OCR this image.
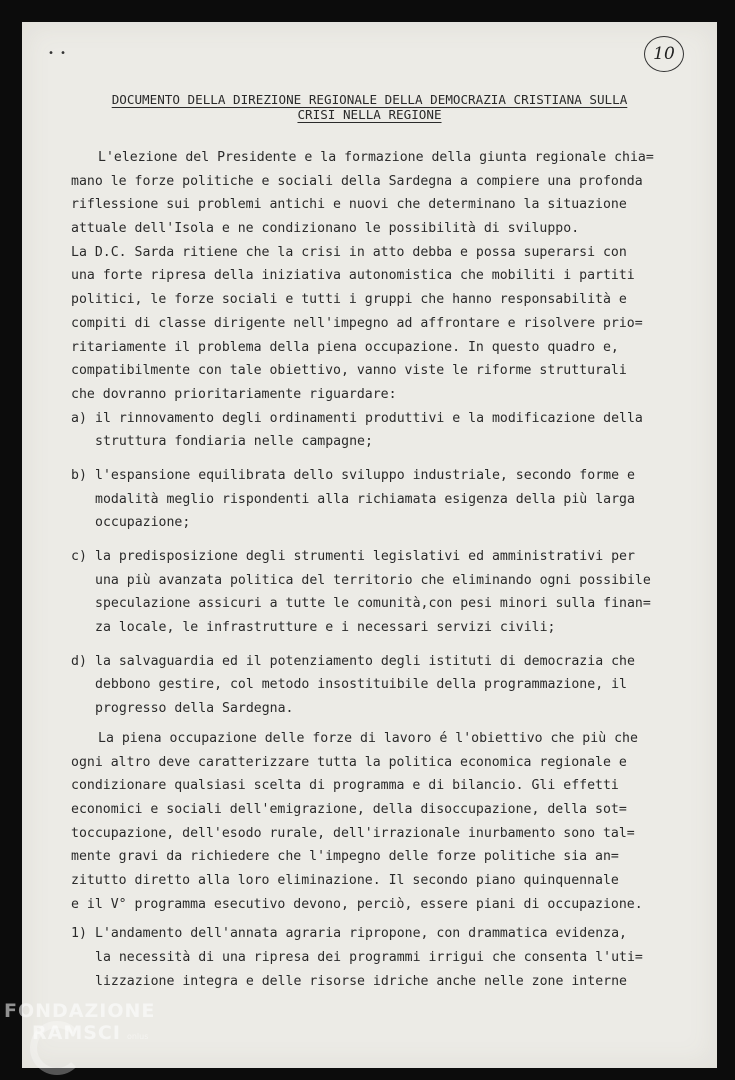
• •	10
DOCUMENTO DELLA DIREZIONE REGIONALE DELLA DEMOCRAZIA CRISTIANA SULLA
CRISI NELLA REGIONE
L'elezione del Presidente e la formazione della giunta regionale chia=
mano le forze politiche e sociali della Sardegna a compiere una profonda
riflessione sui problemi antichi e nuovi che determinano la situazione
attuale dell'Isola e ne condizionano le possibilità di sviluppo.
La D.C. Sarda ritiene che la crisi in atto debba e possa superarsi con
una forte ripresa della iniziativa autonomistica che mobiliti i partiti
politici, le forze sociali e tutti i gruppi che hanno responsabilità e
compiti di classe dirigente nell'impegno ad affrontare e risolvere prio=
ritariamente il problema della piena occupazione. In questo quadro e,
compatibilmente con tale obiettivo, vanno viste le riforme strutturali
che dovranno prioritariamente riguardare:
a) il rinnovamento degli ordinamenti produttivi e la modificazione della
struttura fondiaria nelle campagne;
b) l'espansione equilibrata dello sviluppo industriale, secondo forme e
modalità meglio rispondenti alla richiamata esigenza della più larga
occupazione;
c) la predisposizione degli strumenti legislativi ed amministrativi per
una più avanzata politica del territorio che eliminando ogni possibile
speculazione assicuri a tutte le comunità,con pesi minori sulla finan=
za locale, le infrastrutture e i necessari servizi civili;
d) la salvaguardia ed il potenziamento degli istituti di democrazia che
debbono gestire, col metodo insostituibile della programmazione, il
progresso della Sardegna.
La piena occupazione delle forze di lavoro é l'obiettivo che più che
ogni altro deve caratterizzare tutta la politica economica regionale e
condizionare qualsiasi scelta di programma e di bilancio. Gli effetti
economici e sociali dell'emigrazione, della disoccupazione, della sot=
toccupazione, dell'esodo rurale, dell'irrazionale inurbamento sono tal=
mente gravi da richiedere che l'impegno delle forze politiche sia an=
zitutto diretto alla loro eliminazione. Il secondo piano quinquennale
e il V° programma esecutivo devono, perciò, essere piani di occupazione.
1) L'andamento dell'annata agraria ripropone, con drammatica evidenza,
la necessità di una ripresa dei programmi irrigui che consenta l'uti=
lizzazione integra e delle risorse idriche anche nelle zone interne
FONDAZIONE
RAMSCI onlus
